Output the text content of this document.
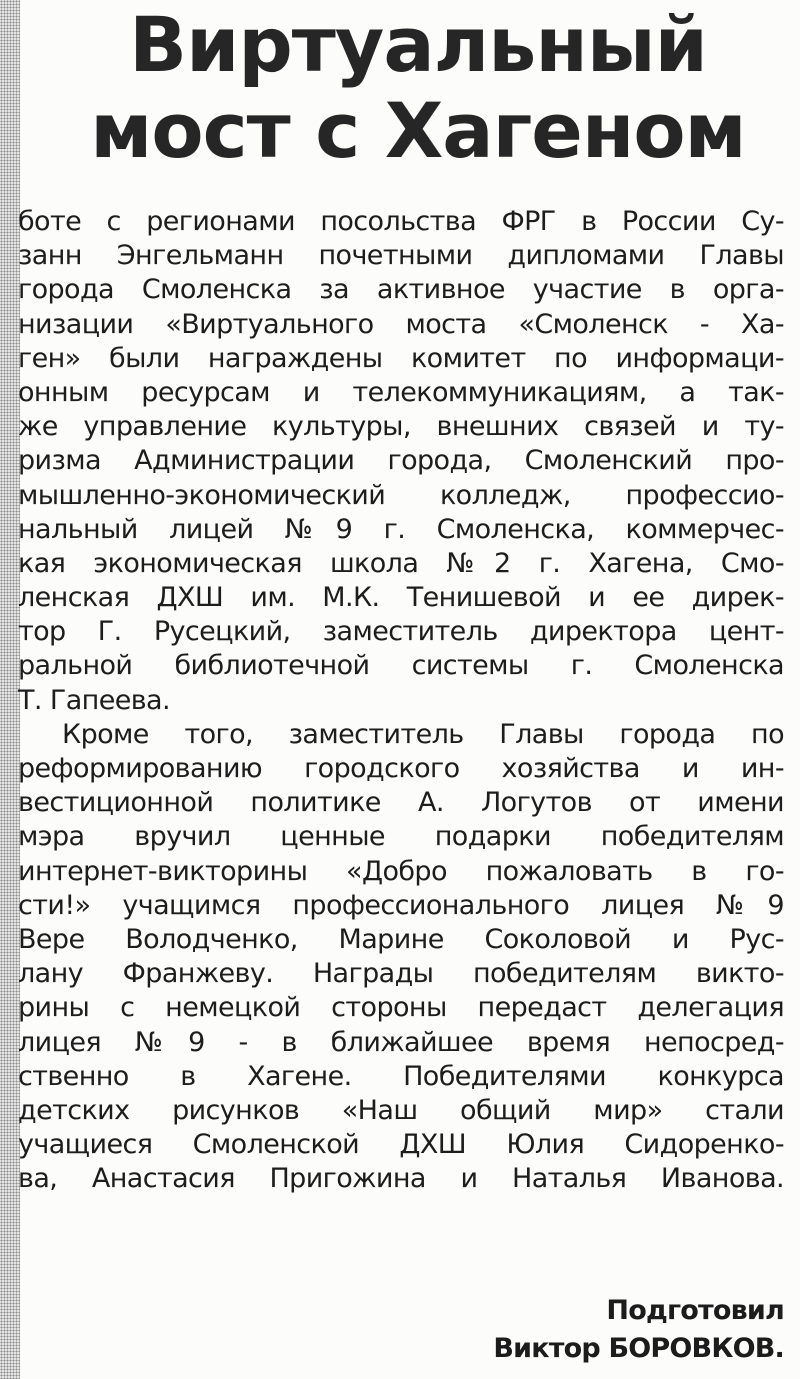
Виртуальный
мост с Хагеном
боте с регионами посольства ФРГ в России Су-
занн Энгельманн почетными дипломами Главы
города Смоленска за активное участие в орга-
низации «Виртуального моста «Смоленск - Ха-
ген» были награждены комитет по информаци-
онным ресурсам и телекоммуникациям, а так-
же управление культуры, внешних связей и ту-
ризма Администрации города, Смоленский про-
мышленно-экономический колледж, профессио-
нальный лицей №9 г. Смоленска, коммерчес-
кая экономическая школа №2 г. Хагена, Смо-
ленская ДХШ им. М.К. Тенишевой и ее дирек-
тор Г. Русецкий, заместитель директора цент-
ральной библиотечной системы г. Смоленска
Т. Гапеева.
Кроме того, заместитель Главы города по
реформированию городского хозяйства и ин-
вестиционной политике А. Логутов от имени
мэра вручил ценные подарки победителям
интернет-викторины «Добро пожаловать в го-
сти!» учащимся профессионального лицея №9
Вере Володченко, Марине Соколовой и Рус-
лану Франжеву. Награды победителям викто-
рины с немецкой стороны передаст делегация
лицея №9 - в ближайшее время непосред-
ственно в Хагене. Победителями конкурса
детских рисунков «Наш общий мир» стали
учащиеся Смоленской ДХШ Юлия Сидоренко-
ва, Анастасия Пригожина и Наталья Иванова.
Подготовил
Виктор БОРОВКОВ.
